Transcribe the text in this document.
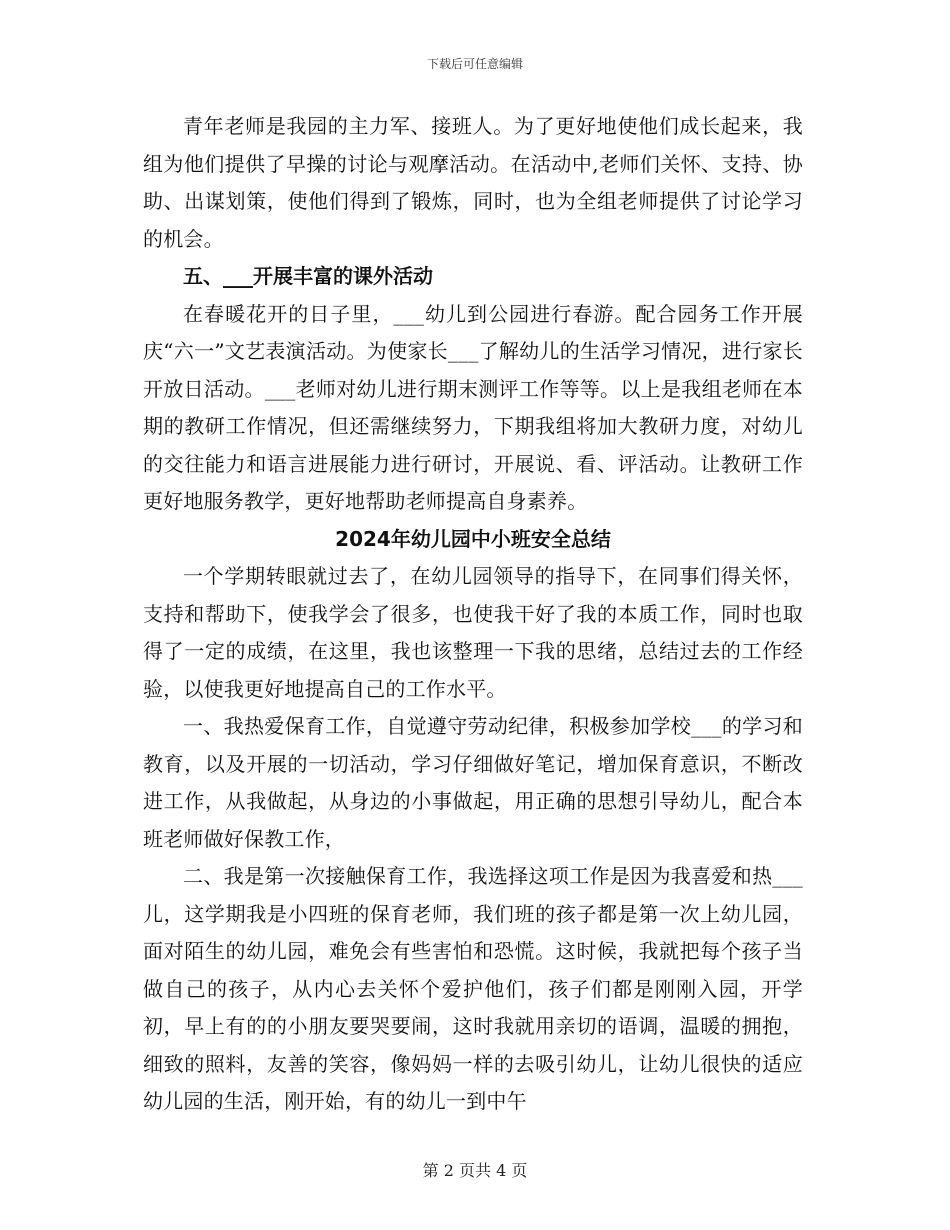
下载后可任意编辑

青年老师是我园的主力军、接班人。为了更好地使他们成长起来，我组为他们提供了早操的讨论与观摩活动。在活动中,老师们关怀、支持、协助、出谋划策，使他们得到了锻炼，同时，也为全组老师提供了讨论学习的机会。

五、___开展丰富的课外活动

在春暖花开的日子里，___幼儿到公园进行春游。配合园务工作开展庆“六一”文艺表演活动。为使家长___了解幼儿的生活学习情况，进行家长开放日活动。___老师对幼儿进行期末测评工作等等。以上是我组老师在本期的教研工作情况，但还需继续努力，下期我组将加大教研力度，对幼儿的交往能力和语言进展能力进行研讨，开展说、看、评活动。让教研工作更好地服务教学，更好地帮助老师提高自身素养。

2024年幼儿园中小班安全总结

一个学期转眼就过去了，在幼儿园领导的指导下，在同事们得关怀，支持和帮助下，使我学会了很多，也使我干好了我的本质工作，同时也取得了一定的成绩，在这里，我也该整理一下我的思绪，总结过去的工作经验，以使我更好地提高自己的工作水平。

一、我热爱保育工作，自觉遵守劳动纪律，积极参加学校___的学习和教育，以及开展的一切活动，学习仔细做好笔记，增加保育意识，不断改进工作，从我做起，从身边的小事做起，用正确的思想引导幼儿，配合本班老师做好保教工作，

二、我是第一次接触保育工作，我选择这项工作是因为我喜爱和热___儿，这学期我是小四班的保育老师，我们班的孩子都是第一次上幼儿园，面对陌生的幼儿园，难免会有些害怕和恐慌。这时候，我就把每个孩子当做自己的孩子，从内心去关怀个爱护他们，孩子们都是刚刚入园，开学初，早上有的的小朋友要哭要闹，这时我就用亲切的语调，温暖的拥抱，细致的照料，友善的笑容，像妈妈一样的去吸引幼儿，让幼儿很快的适应幼儿园的生活，刚开始，有的幼儿一到中午

第 2 页共 4 页
